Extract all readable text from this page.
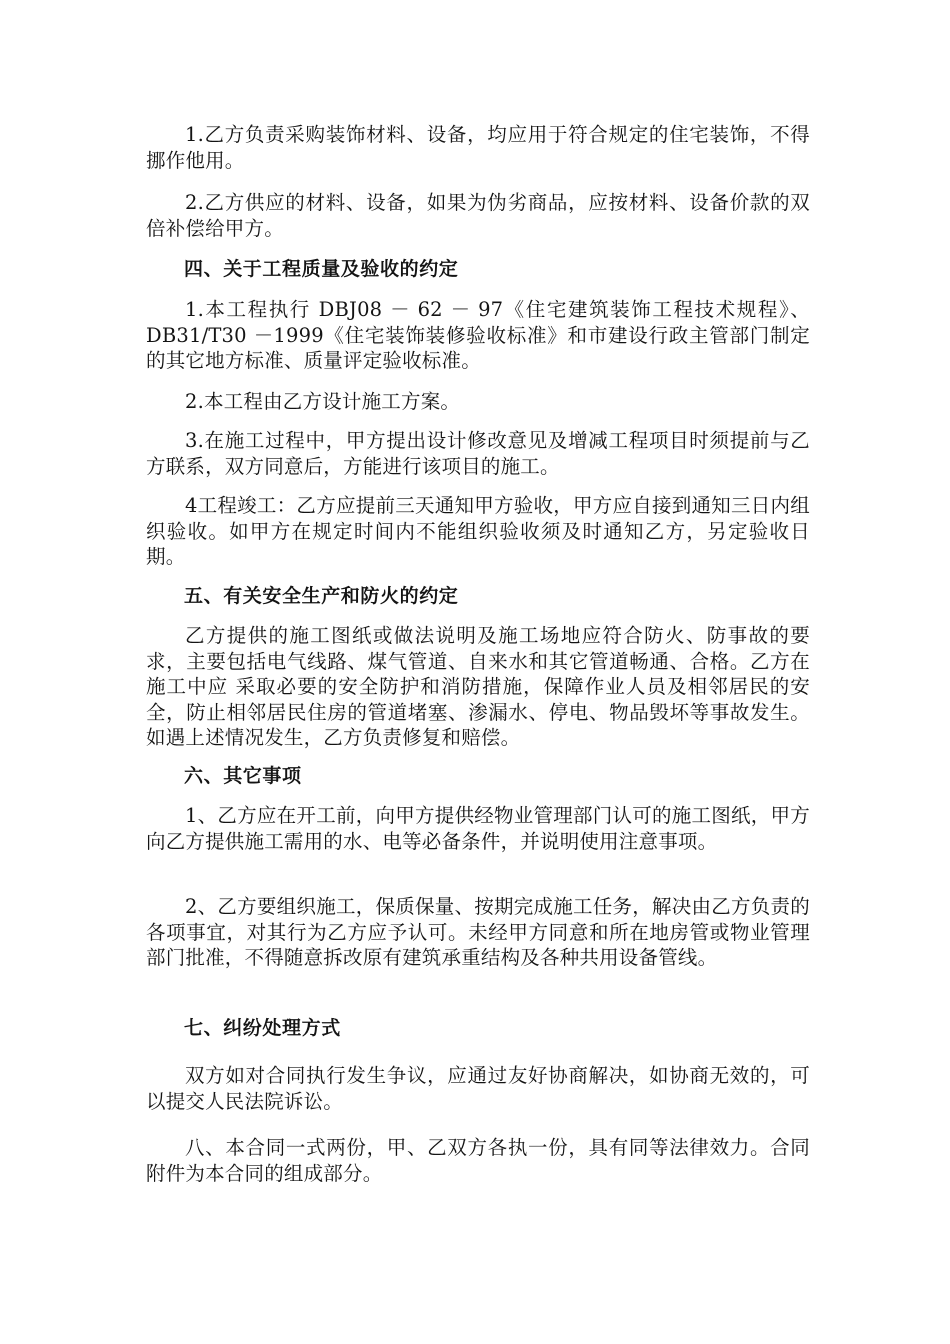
1.乙方负责采购装饰材料、设备，均应用于符合规定的住宅装饰，不得挪作他用。

2.乙方供应的材料、设备，如果为伪劣商品，应按材料、设备价款的双倍补偿给甲方。

四、关于工程质量及验收的约定

1.本工程执行 DBJ08 － 62 － 97《住宅建筑装饰工程技术规程》、DB31/T30 －1999《住宅装饰装修验收标准》和市建设行政主管部门制定的其它地方标准、质量评定验收标准。

2.本工程由乙方设计施工方案。

3.在施工过程中，甲方提出设计修改意见及增减工程项目时须提前与乙方联系，双方同意后，方能进行该项目的施工。

4工程竣工：乙方应提前三天通知甲方验收，甲方应自接到通知三日内组织验收。如甲方在规定时间内不能组织验收须及时通知乙方，另定验收日期。

五、有关安全生产和防火的约定

乙方提供的施工图纸或做法说明及施工场地应符合防火、防事故的要求，主要包括电气线路、煤气管道、自来水和其它管道畅通、合格。乙方在施工中应 采取必要的安全防护和消防措施，保障作业人员及相邻居民的安全，防止相邻居民住房的管道堵塞、渗漏水、停电、物品毁坏等事故发生。如遇上述情况发生，乙方负责修复和赔偿。

六、其它事项

1、乙方应在开工前，向甲方提供经物业管理部门认可的施工图纸，甲方向乙方提供施工需用的水、电等必备条件，并说明使用注意事项。

2、乙方要组织施工，保质保量、按期完成施工任务，解决由乙方负责的各项事宜，对其行为乙方应予认可。未经甲方同意和所在地房管或物业管理部门批准，不得随意拆改原有建筑承重结构及各种共用设备管线。

七、纠纷处理方式

双方如对合同执行发生争议，应通过友好协商解决，如协商无效的，可以提交人民法院诉讼。

八、本合同一式两份，甲、乙双方各执一份，具有同等法律效力。合同附件为本合同的组成部分。
